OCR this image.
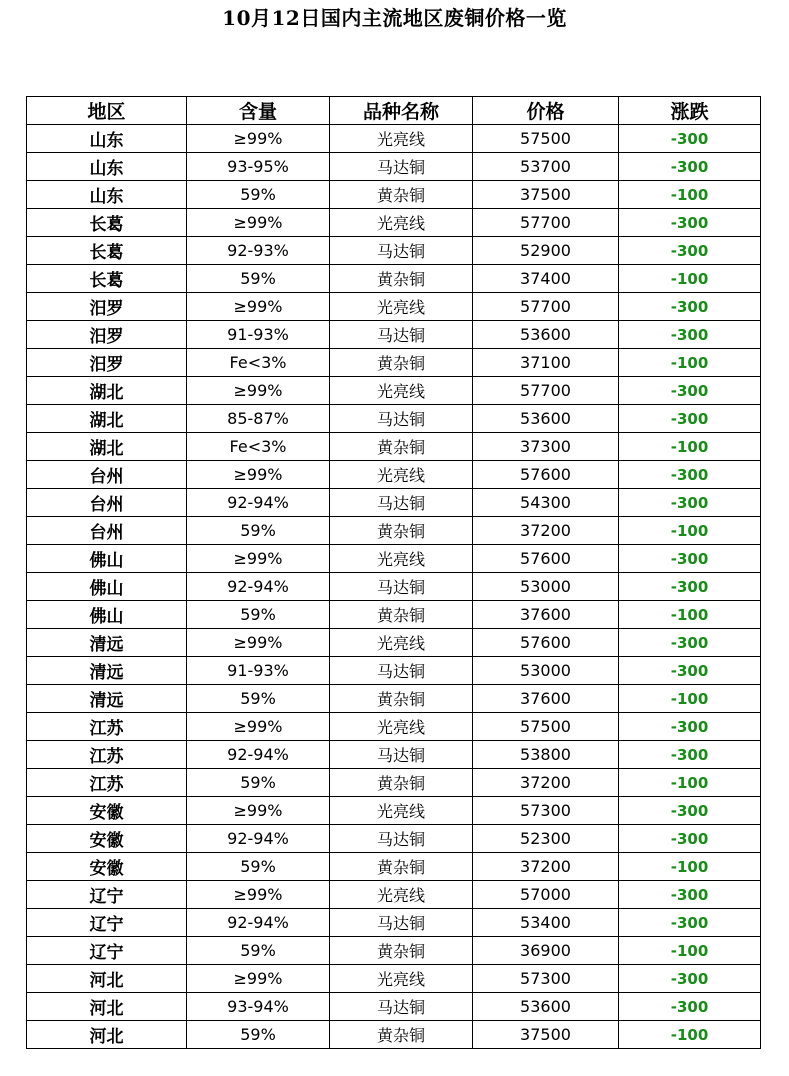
10月12日国内主流地区废铜价格一览
地区	含量	品种名称	价格	涨跌
山东	≥99%	光亮线	57500	-300
山东	93-95%	马达铜	53700	-300
山东	59%	黄杂铜	37500	-100
长葛	≥99%	光亮线	57700	-300
长葛	92-93%	马达铜	52900	-300
长葛	59%	黄杂铜	37400	-100
汨罗	≥99%	光亮线	57700	-300
汨罗	91-93%	马达铜	53600	-300
汨罗	Fe<3%	黄杂铜	37100	-100
湖北	≥99%	光亮线	57700	-300
湖北	85-87%	马达铜	53600	-300
湖北	Fe<3%	黄杂铜	37300	-100
台州	≥99%	光亮线	57600	-300
台州	92-94%	马达铜	54300	-300
台州	59%	黄杂铜	37200	-100
佛山	≥99%	光亮线	57600	-300
佛山	92-94%	马达铜	53000	-300
佛山	59%	黄杂铜	37600	-100
清远	≥99%	光亮线	57600	-300
清远	91-93%	马达铜	53000	-300
清远	59%	黄杂铜	37600	-100
江苏	≥99%	光亮线	57500	-300
江苏	92-94%	马达铜	53800	-300
江苏	59%	黄杂铜	37200	-100
安徽	≥99%	光亮线	57300	-300
安徽	92-94%	马达铜	52300	-300
安徽	59%	黄杂铜	37200	-100
辽宁	≥99%	光亮线	57000	-300
辽宁	92-94%	马达铜	53400	-300
辽宁	59%	黄杂铜	36900	-100
河北	≥99%	光亮线	57300	-300
河北	93-94%	马达铜	53600	-300
河北	59%	黄杂铜	37500	-100
